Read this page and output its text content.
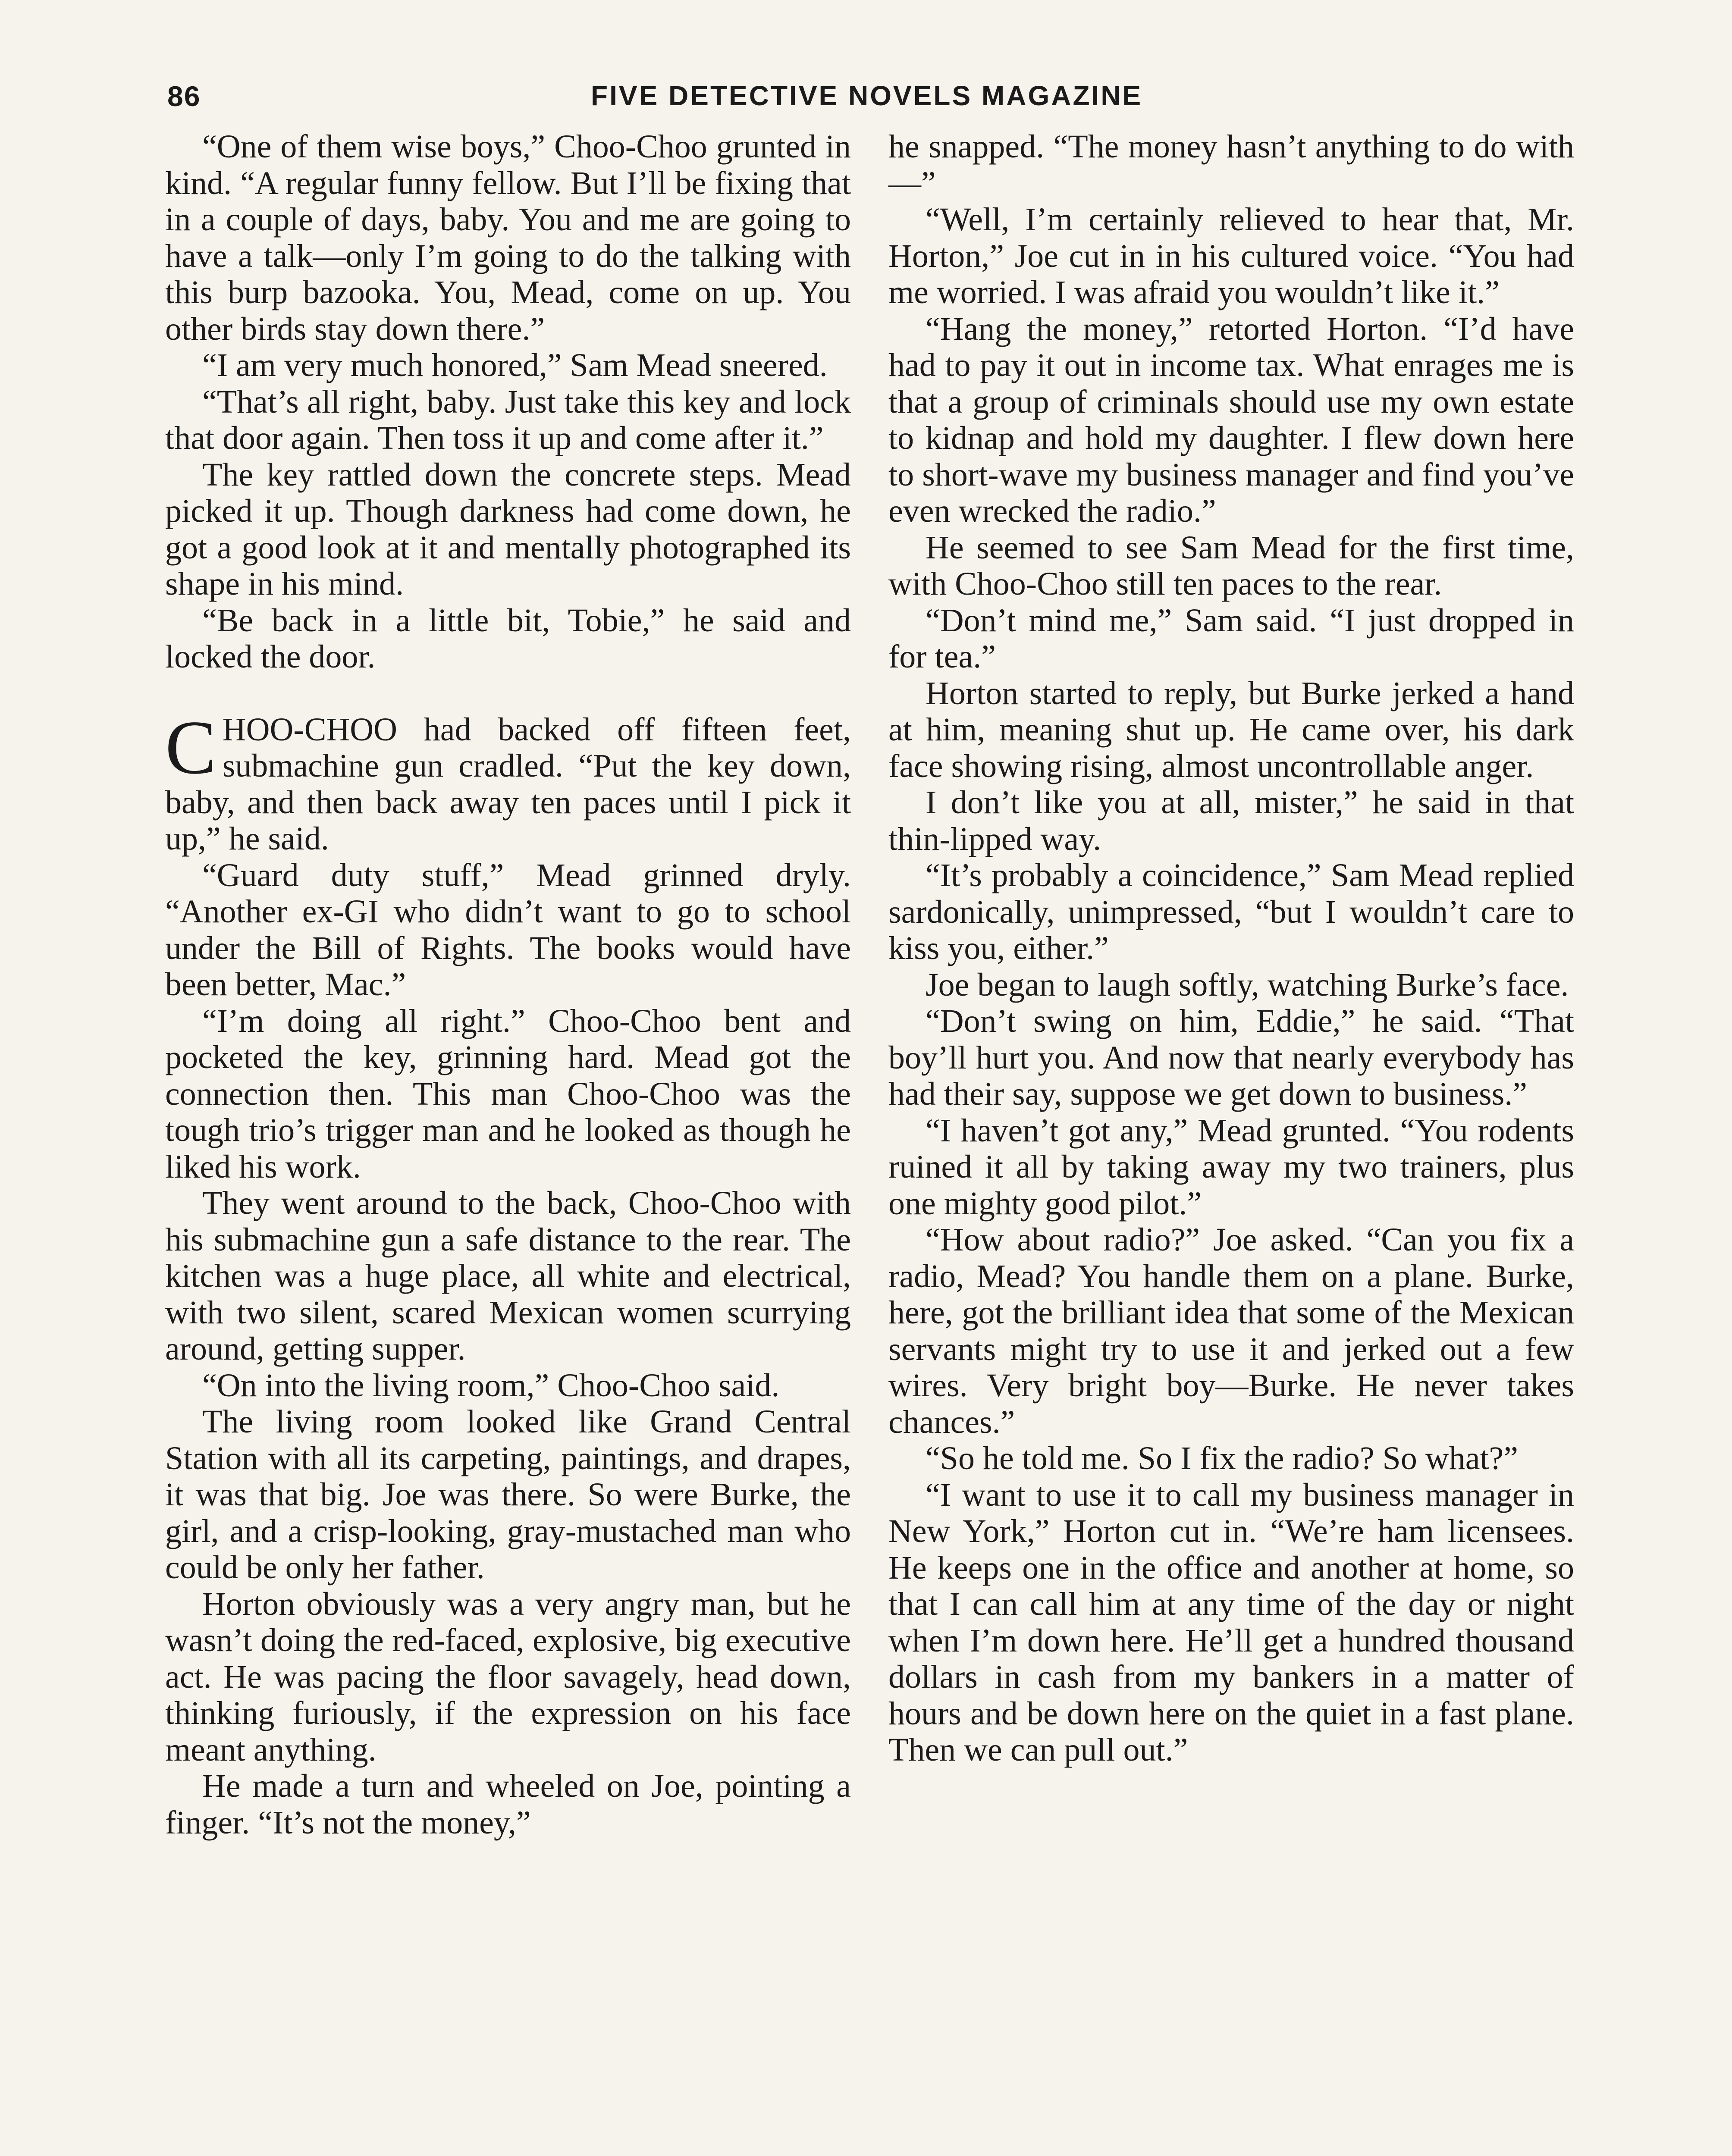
86	FIVE DETECTIVE NOVELS MAGAZINE

“One of them wise boys,” Choo-Choo grunted in kind. “A regular funny fellow. But I’ll be fixing that in a couple of days, baby. You and me are going to have a talk—only I’m going to do the talking with this burp bazooka. You, Mead, come on up. You other birds stay down there.”

“I am very much honored,” Sam Mead sneered.

“That’s all right, baby. Just take this key and lock that door again. Then toss it up and come after it.”

The key rattled down the concrete steps. Mead picked it up. Though darkness had come down, he got a good look at it and mentally photographed its shape in his mind.

“Be back in a little bit, Tobie,” he said and locked the door.

CHOO-CHOO had backed off fifteen feet, submachine gun cradled. “Put the key down, baby, and then back away ten paces until I pick it up,” he said.

“Guard duty stuff,” Mead grinned dryly. “Another ex-GI who didn’t want to go to school under the Bill of Rights. The books would have been better, Mac.”

“I’m doing all right.” Choo-Choo bent and pocketed the key, grinning hard. Mead got the connection then. This man Choo-Choo was the tough trio’s trigger man and he looked as though he liked his work.

They went around to the back, Choo-Choo with his submachine gun a safe distance to the rear. The kitchen was a huge place, all white and electrical, with two silent, scared Mexican women scurrying around, getting supper.

“On into the living room,” Choo-Choo said.

The living room looked like Grand Central Station with all its carpeting, paintings, and drapes, it was that big. Joe was there. So were Burke, the girl, and a crisp-looking, gray-mustached man who could be only her father.

Horton obviously was a very angry man, but he wasn’t doing the red-faced, explosive, big executive act. He was pacing the floor savagely, head down, thinking furiously, if the expression on his face meant anything.

He made a turn and wheeled on Joe, pointing a finger. “It’s not the money,”

he snapped. “The money hasn’t anything to do with—”

“Well, I’m certainly relieved to hear that, Mr. Horton,” Joe cut in in his cultured voice. “You had me worried. I was afraid you wouldn’t like it.”

“Hang the money,” retorted Horton. “I’d have had to pay it out in income tax. What enrages me is that a group of criminals should use my own estate to kidnap and hold my daughter. I flew down here to short-wave my business manager and find you’ve even wrecked the radio.”

He seemed to see Sam Mead for the first time, with Choo-Choo still ten paces to the rear.

“Don’t mind me,” Sam said. “I just dropped in for tea.”

Horton started to reply, but Burke jerked a hand at him, meaning shut up. He came over, his dark face showing rising, almost uncontrollable anger.

I don’t like you at all, mister,” he said in that thin-lipped way.

“It’s probably a coincidence,” Sam Mead replied sardonically, unimpressed, “but I wouldn’t care to kiss you, either.”

Joe began to laugh softly, watching Burke’s face.

“Don’t swing on him, Eddie,” he said. “That boy’ll hurt you. And now that nearly everybody has had their say, suppose we get down to business.”

“I haven’t got any,” Mead grunted. “You rodents ruined it all by taking away my two trainers, plus one mighty good pilot.”

“How about radio?” Joe asked. “Can you fix a radio, Mead? You handle them on a plane. Burke, here, got the brilliant idea that some of the Mexican servants might try to use it and jerked out a few wires. Very bright boy—Burke. He never takes chances.”

“So he told me. So I fix the radio? So what?”

“I want to use it to call my business manager in New York,” Horton cut in. “We’re ham licensees. He keeps one in the office and another at home, so that I can call him at any time of the day or night when I’m down here. He’ll get a hundred thousand dollars in cash from my bankers in a matter of hours and be down here on the quiet in a fast plane. Then we can pull out.”
